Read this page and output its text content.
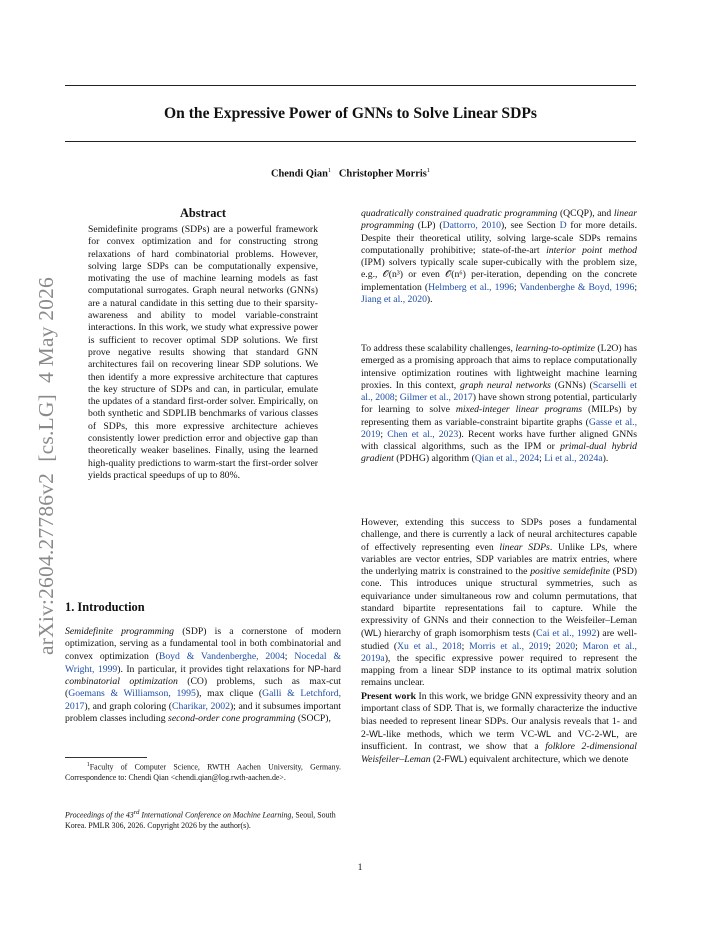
On the Expressive Power of GNNs to Solve Linear SDPs
Chendi Qian$^1$ Christopher Morris$^1$
arXiv:2604.27786v2  [cs.LG]  4 May 2026
Abstract
Semidefinite programs (SDPs) are a powerful framework for convex optimization and for constructing strong relaxations of hard combinatorial problems. However, solving large SDPs can be computationally expensive, motivating the use of machine learning models as fast computational surrogates. Graph neural networks (GNNs) are a natural candidate in this setting due to their sparsity-awareness and ability to model variable-constraint interactions. In this work, we study what expressive power is sufficient to recover optimal SDP solutions. We first prove negative results showing that standard GNN architectures fail on recovering linear SDP solutions. We then identify a more expressive architecture that captures the key structure of SDPs and can, in particular, emulate the updates of a standard first-order solver. Empirically, on both synthetic and SDPLIB benchmarks of various classes of SDPs, this more expressive architecture achieves consistently lower prediction error and objective gap than theoretically weaker baselines. Finally, using the learned high-quality predictions to warm-start the first-order solver yields practical speedups of up to 80%.
1. Introduction
Semidefinite programming (SDP) is a cornerstone of modern optimization, serving as a fundamental tool in both combinatorial and convex optimization (Boyd & Vandenberghe, 2004; Nocedal & Wright, 1999). In particular, it provides tight relaxations for NP-hard combinatorial optimization (CO) problems, such as max-cut (Goemans & Williamson, 1995), max clique (Galli & Letchford, 2017), and graph coloring (Charikar, 2002); and it subsumes important problem classes including second-order cone programming (SOCP),
$^1$Faculty of Computer Science, RWTH Aachen University, Germany. Correspondence to: Chendi Qian <chendi.qian@log.rwth-aachen.de>.
Proceedings of the 43rd International Conference on Machine Learning, Seoul, South Korea. PMLR 306, 2026. Copyright 2026 by the author(s).
quadratically constrained quadratic programming (QCQP), and linear programming (LP) (Dattorro, 2010), see Section D for more details. Despite their theoretical utility, solving large-scale SDPs remains computationally prohibitive; state-of-the-art interior point method (IPM) solvers typically scale super-cubically with the problem size, e.g., 𝒪(n³) or even 𝒪(n⁶) per-iteration, depending on the concrete implementation (Helmberg et al., 1996; Vandenberghe & Boyd, 1996; Jiang et al., 2020).
To address these scalability challenges, learning-to-optimize (L2O) has emerged as a promising approach that aims to replace computationally intensive optimization routines with lightweight machine learning proxies. In this context, graph neural networks (GNNs) (Scarselli et al., 2008; Gilmer et al., 2017) have shown strong potential, particularly for learning to solve mixed-integer linear programs (MILPs) by representing them as variable-constraint bipartite graphs (Gasse et al., 2019; Chen et al., 2023). Recent works have further aligned GNNs with classical algorithms, such as the IPM or primal-dual hybrid gradient (PDHG) algorithm (Qian et al., 2024; Li et al., 2024a).
However, extending this success to SDPs poses a fundamental challenge, and there is currently a lack of neural architectures capable of effectively representing even linear SDPs. Unlike LPs, where variables are vector entries, SDP variables are matrix entries, where the underlying matrix is constrained to the positive semidefinite (PSD) cone. This introduces unique structural symmetries, such as equivariance under simultaneous row and column permutations, that standard bipartite representations fail to capture. While the expressivity of GNNs and their connection to the Weisfeiler–Leman (WL) hierarchy of graph isomorphism tests (Cai et al., 1992) are well-studied (Xu et al., 2018; Morris et al., 2019; 2020; Maron et al., 2019a), the specific expressive power required to represent the mapping from a linear SDP instance to its optimal matrix solution remains unclear.
Present work In this work, we bridge GNN expressivity theory and an important class of SDP. That is, we formally characterize the inductive bias needed to represent linear SDPs. Our analysis reveals that 1- and 2-WL-like methods, which we term VC-WL and VC-2-WL, are insufficient. In contrast, we show that a folklore 2-dimensional Weisfeiler–Leman (2-FWL) equivalent architecture, which we denote
1
